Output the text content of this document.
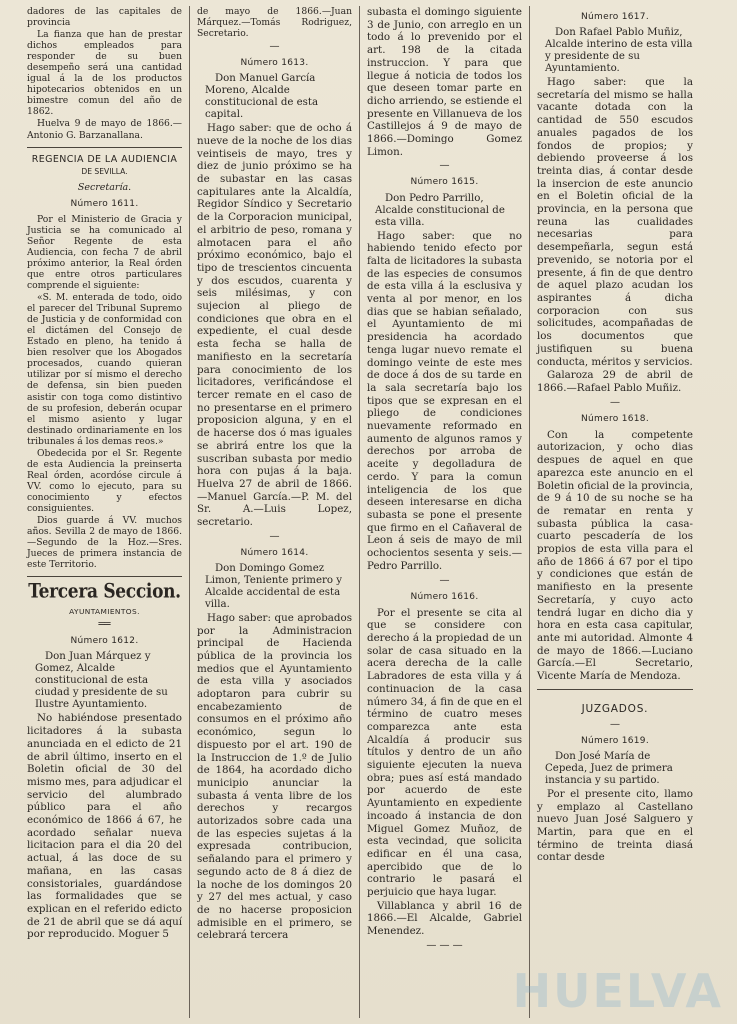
dadores de las capitales de provincia

La fianza que han de prestar dichos empleados para responder de su buen desempeño será una cantidad igual á la de los productos hipotecarios obtenidos en un bimestre comun del año de 1862.

Huelva 9 de mayo de 1866.—Antonio G. Barzanallana.

REGENCIA DE LA AUDIENCIA
DE SEVILLA.
Secretaría.
Número 1611.

Por el Ministerio de Gracia y Justicia se ha comunicado al Señor Regente de esta Audiencia, con fecha 7 de abril próximo anterior, la Real órden que entre otros particulares comprende el siguiente:

«S. M. enterada de todo, oido el parecer del Tribunal Supremo de Justicia y de conformidad con el dictámen del Consejo de Estado en pleno, ha tenido á bien resolver que los Abogados procesados, cuando quieran utilizar por sí mismo el derecho de defensa, sin bien pueden asistir con toga como distintivo de su profesion, deberán ocupar el mismo asiento y lugar destinado ordinariamente en los tribunales á los demas reos.»

Obedecida por el Sr. Regente de esta Audiencia la preinserta Real órden, acordóse circule á VV. como lo ejecuto, para su conocimiento y efectos consiguientes.

Dios guarde á VV. muchos años. Sevilla 2 de mayo de 1866.—Segundo de la Hoz.—Sres. Jueces de primera instancia de este Territorio.

Tercera Seccion.
AYUNTAMIENTOS.
══
Número 1612.

Don Juan Márquez y Gomez, Alcalde constitucional de esta ciudad y presidente de su Ilustre Ayuntamiento.

No habiéndose presentado licitadores á la subasta anunciada en el edicto de 21 de abril último, inserto en el Boletin oficial de 30 del mismo mes, para adjudicar el servicio del alumbrado público para el año económico de 1866 á 67, he acordado señalar nueva licitacion para el dia 20 del actual, á las doce de su mañana, en las casas consistoriales, guardándose las formalidades que se explican en el referido edicto de 21 de abril que se dá aquí por reproducido. Moguer 5

de mayo de 1866.—Juan Márquez.—Tomás Rodriguez, Secretario.

—
Número 1613.

Don Manuel García Moreno, Alcalde constitucional de esta capital.

Hago saber: que de ocho á nueve de la noche de los dias veintiseis de mayo, tres y diez de junio próximo se ha de subastar en las casas capitulares ante la Alcaldía, Regidor Síndico y Secretario de la Corporacion municipal, el arbitrio de peso, romana y almotacen para el año próximo económico, bajo el tipo de trescientos cincuenta y dos escudos, cuarenta y seis milésimas, y con sujecion al pliego de condiciones que obra en el expediente, el cual desde esta fecha se halla de manifiesto en la secretaría para conocimiento de los licitadores, verificándose el tercer remate en el caso de no presentarse en el primero proposicion alguna, y en el de hacerse dos ó mas iguales se abrirá entre los que la suscriban subasta por medio hora con pujas á la baja. Huelva 27 de abril de 1866.—Manuel García.—P. M. del Sr. A.—Luis Lopez, secretario.

—
Número 1614.

Don Domingo Gomez Limon, Teniente primero y Alcalde accidental de esta villa.

Hago saber: que aprobados por la Administracion principal de Hacienda pública de la provincia los medios que el Ayuntamiento de esta villa y asociados adoptaron para cubrir su encabezamiento de consumos en el próximo año económico, segun lo dispuesto por el art. 190 de la Instruccion de 1.º de Julio de 1864, ha acordado dicho municipio anunciar la subasta á venta libre de los derechos y recargos autorizados sobre cada una de las especies sujetas á la expresada contribucion, señalando para el primero y segundo acto de 8 á diez de la noche de los domingos 20 y 27 del mes actual, y caso de no hacerse proposicion admisible en el primero, se celebrará tercera

subasta el domingo siguiente 3 de Junio, con arreglo en un todo á lo prevenido por el art. 198 de la citada instruccion. Y para que llegue á noticia de todos los que deseen tomar parte en dicho arriendo, se estiende el presente en Villanueva de los Castillejos á 9 de mayo de 1866.—Domingo Gomez Limon.

—
Número 1615.

Don Pedro Parrillo, Alcalde constitucional de esta villa.

Hago saber: que no habiendo tenido efecto por falta de licitadores la subasta de las especies de consumos de esta villa á la esclusiva y venta al por menor, en los dias que se habian señalado, el Ayuntamiento de mi presidencia ha acordado tenga lugar nuevo remate el domingo veinte de este mes de doce á dos de su tarde en la sala secretaría bajo los tipos que se expresan en el pliego de condiciones nuevamente reformado en aumento de algunos ramos y derechos por arroba de aceite y degolladura de cerdo. Y para la comun inteligencia de los que deseen interesarse en dicha subasta se pone el presente que firmo en el Cañaveral de Leon á seis de mayo de mil ochocientos sesenta y seis.—Pedro Parrillo.

—
Número 1616.

Por el presente se cita al que se considere con derecho á la propiedad de un solar de casa situado en la acera derecha de la calle Labradores de esta villa y á continuacion de la casa número 34, á fin de que en el término de cuatro meses comparezca ante esta Alcaldía á producir sus títulos y dentro de un año siguiente ejecuten la nueva obra; pues así está mandado por acuerdo de este Ayuntamiento en expediente incoado á instancia de don Miguel Gomez Muñoz, de esta vecindad, que solicita edificar en él una casa, apercibido que de lo contrario le pasará el perjuicio que haya lugar.

Villablanca y abril 16 de 1866.—El Alcalde, Gabriel Menendez.

— — —
Número 1617.

Don Rafael Pablo Muñiz, Alcalde interino de esta villa y presidente de su Ayuntamiento.

Hago saber: que la secretaría del mismo se halla vacante dotada con la cantidad de 550 escudos anuales pagados de los fondos de propios; y debiendo proveerse á los treinta dias, á contar desde la insercion de este anuncio en el Boletin oficial de la provincia, en la persona que reuna las cualidades necesarias para desempeñarla, segun está prevenido, se notoria por el presente, á fin de que dentro de aquel plazo acudan los aspirantes á dicha corporacion con sus solicitudes, acompañadas de los documentos que justifiquen su buena conducta, méritos y servicios.

Galaroza 29 de abril de 1866.—Rafael Pablo Muñiz.

—
Número 1618.

Con la competente autorizacion, y ocho dias despues de aquel en que aparezca este anuncio en el Boletin oficial de la provincia, de 9 á 10 de su noche se ha de rematar en renta y subasta pública la casa-cuarto pescadería de los propios de esta villa para el año de 1866 á 67 por el tipo y condiciones que están de manifiesto en la presente Secretaría, y cuyo acto tendrá lugar en dicho dia y hora en esta casa capitular, ante mi autoridad. Almonte 4 de mayo de 1866.—Luciano García.—El Secretario, Vicente María de Mendoza.

JUZGADOS.
—
Número 1619.

Don José María de Cepeda, Juez de primera instancia y su partido.

Por el presente cito, llamo y emplazo al Castellano nuevo Juan José Salguero y Martin, para que en el término de treinta diasá contar desde

HUELVA
